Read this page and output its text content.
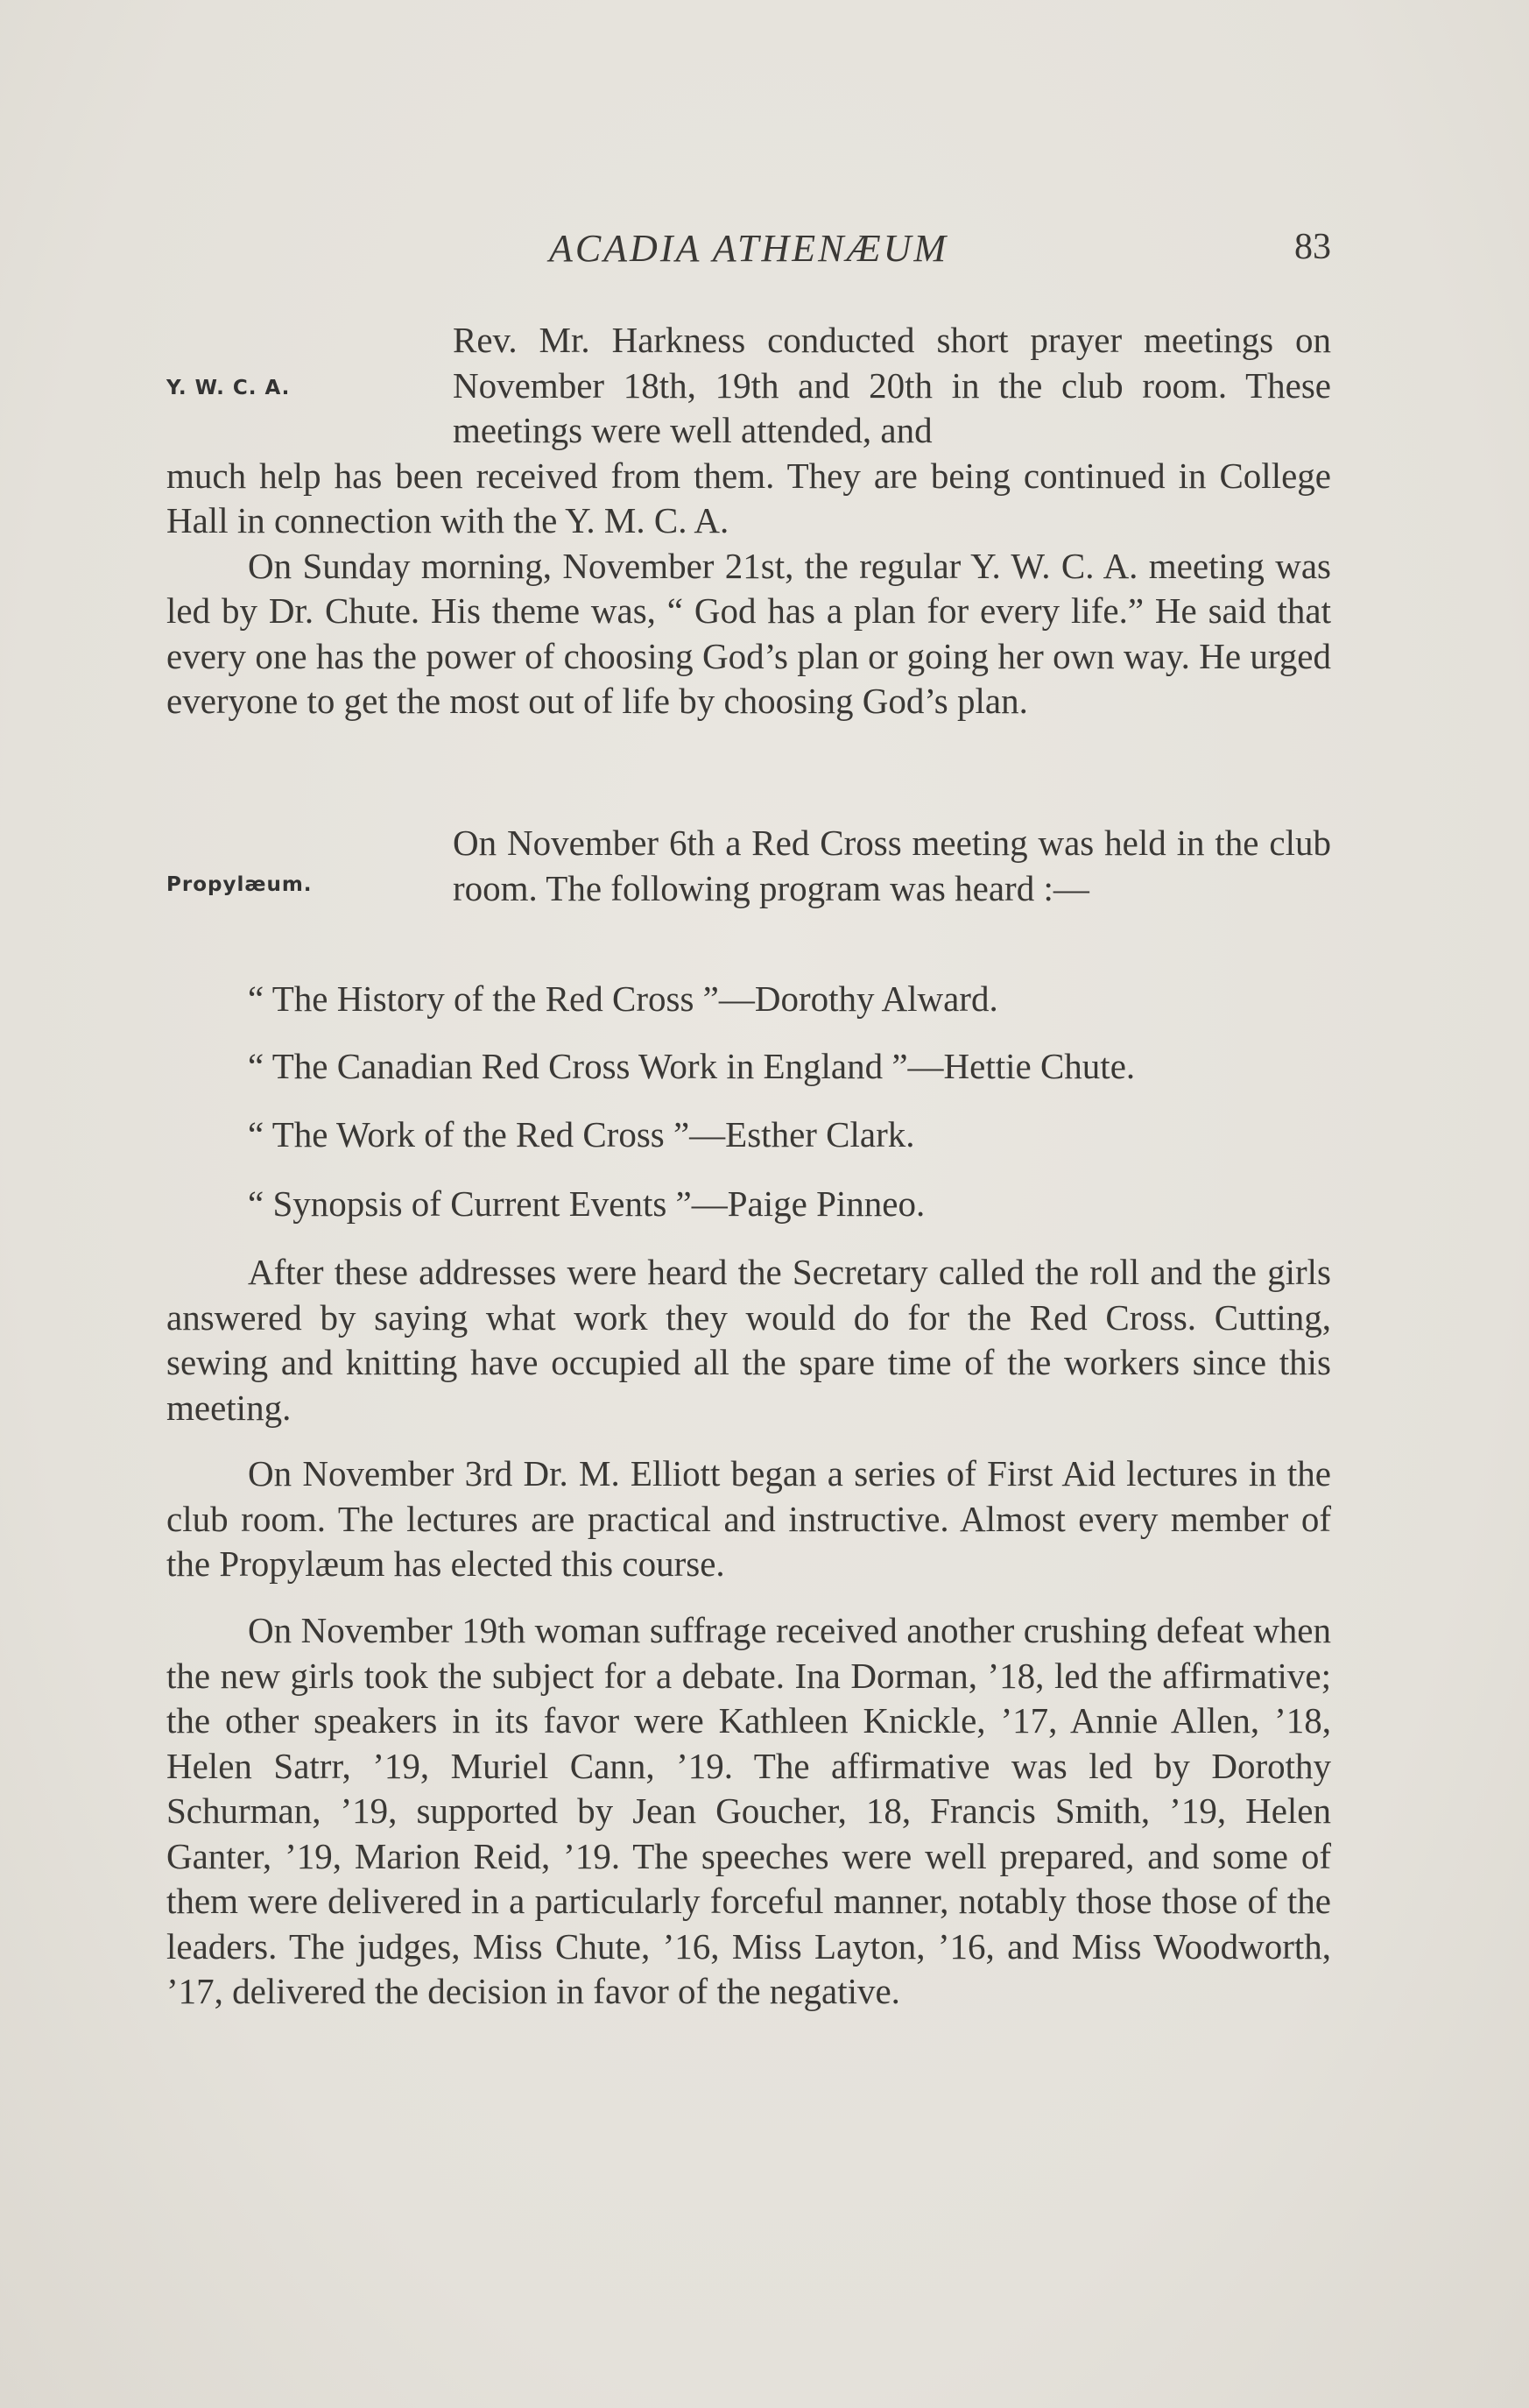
ACADIA ATHENÆUM	83
Y. W. C. A.
Rev. Mr. Harkness conducted short prayer meetings on November 18th, 19th and 20th in the club room. These meetings were well attended, and

much help has been received from them. They are being continued in College Hall in connection with the Y. M. C. A.

On Sunday morning, November 21st, the regular Y. W. C. A. meeting was led by Dr. Chute. His theme was, “ God has a plan for every life.” He said that every one has the power of choosing God’s plan or going her own way. He urged everyone to get the most out of life by choosing God’s plan.

Propylæum.
On November 6th a Red Cross meeting was held in the club room. The following program was heard :—

“ The History of the Red Cross ”—Dorothy Alward.

“ The Canadian Red Cross Work in England ”—Hettie Chute.

“ The Work of the Red Cross ”—Esther Clark.

“ Synopsis of Current Events ”—Paige Pinneo.

After these addresses were heard the Secretary called the roll and the girls answered by saying what work they would do for the Red Cross. Cutting, sewing and knitting have occupied all the spare time of the workers since this meeting.

On November 3rd Dr. M. Elliott began a series of First Aid lectures in the club room. The lectures are practical and instructive. Almost every member of the Propylæum has elected this course.

On November 19th woman suffrage received another crushing defeat when the new girls took the subject for a debate. Ina Dorman, ’18, led the affirmative; the other speakers in its favor were Kathleen Knickle, ’17, Annie Allen, ’18, Helen Satrr, ’19, Muriel Cann, ’19. The affirmative was led by Dorothy Schurman, ’19, supported by Jean Goucher, 18, Francis Smith, ’19, Helen Ganter, ’19, Marion Reid, ’19. The speeches were well prepared, and some of them were delivered in a particularly forceful manner, notably those those of the leaders. The judges, Miss Chute, ’16, Miss Layton, ’16, and Miss Woodworth, ’17, delivered the decision in favor of the negative.
